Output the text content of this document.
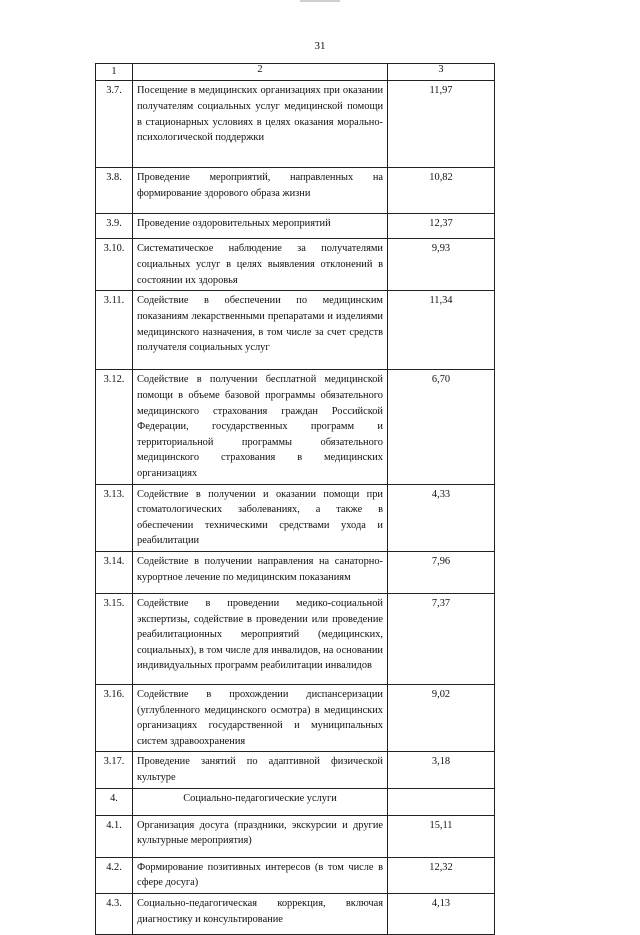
31
1	2	3
3.7.	Посещение в медицинских организациях при оказании получателям социальных услуг медицинской помощи в стационарных условиях в целях оказания морально-психологической поддержки	11,97
3.8.	Проведение мероприятий, направленных на формирование здорового образа жизни	10,82
3.9.	Проведение оздоровительных мероприятий	12,37
3.10.	Систематическое наблюдение за получателями социальных услуг в целях выявления отклонений в состоянии их здоровья	9,93
3.11.	Содействие в обеспечении по медицинским показаниям лекарственными препаратами и изделиями медицинского назначения, в том числе за счет средств получателя социальных услуг	11,34
3.12.	Содействие в получении бесплатной медицинской помощи в объеме базовой программы обязательного медицинского страхования граждан Российской Федерации, государственных программ и территориальной программы обязательного медицинского страхования в медицинских организациях	6,70
3.13.	Содействие в получении и оказании помощи при стоматологических заболеваниях, а также в обеспечении техническими средствами ухода и реабилитации	4,33
3.14.	Содействие в получении направления на санаторно-курортное лечение по медицинским показаниям	7,96
3.15.	Содействие в проведении медико-социальной экспертизы, содействие в проведении или проведение реабилитационных мероприятий (медицинских, социальных), в том числе для инвалидов, на основании индивидуальных программ реабилитации инвалидов	7,37
3.16.	Содействие в прохождении диспансеризации (углубленного медицинского осмотра) в медицинских организациях государственной и муниципальных систем здравоохранения	9,02
3.17.	Проведение занятий по адаптивной физической культуре	3,18
4.	Социально-педагогические услуги	
4.1.	Организация досуга (праздники, экскурсии и другие культурные мероприятия)	15,11
4.2.	Формирование позитивных интересов (в том числе в сфере досуга)	12,32
4.3.	Социально-педагогическая коррекция, включая диагностику и консультирование	4,13
